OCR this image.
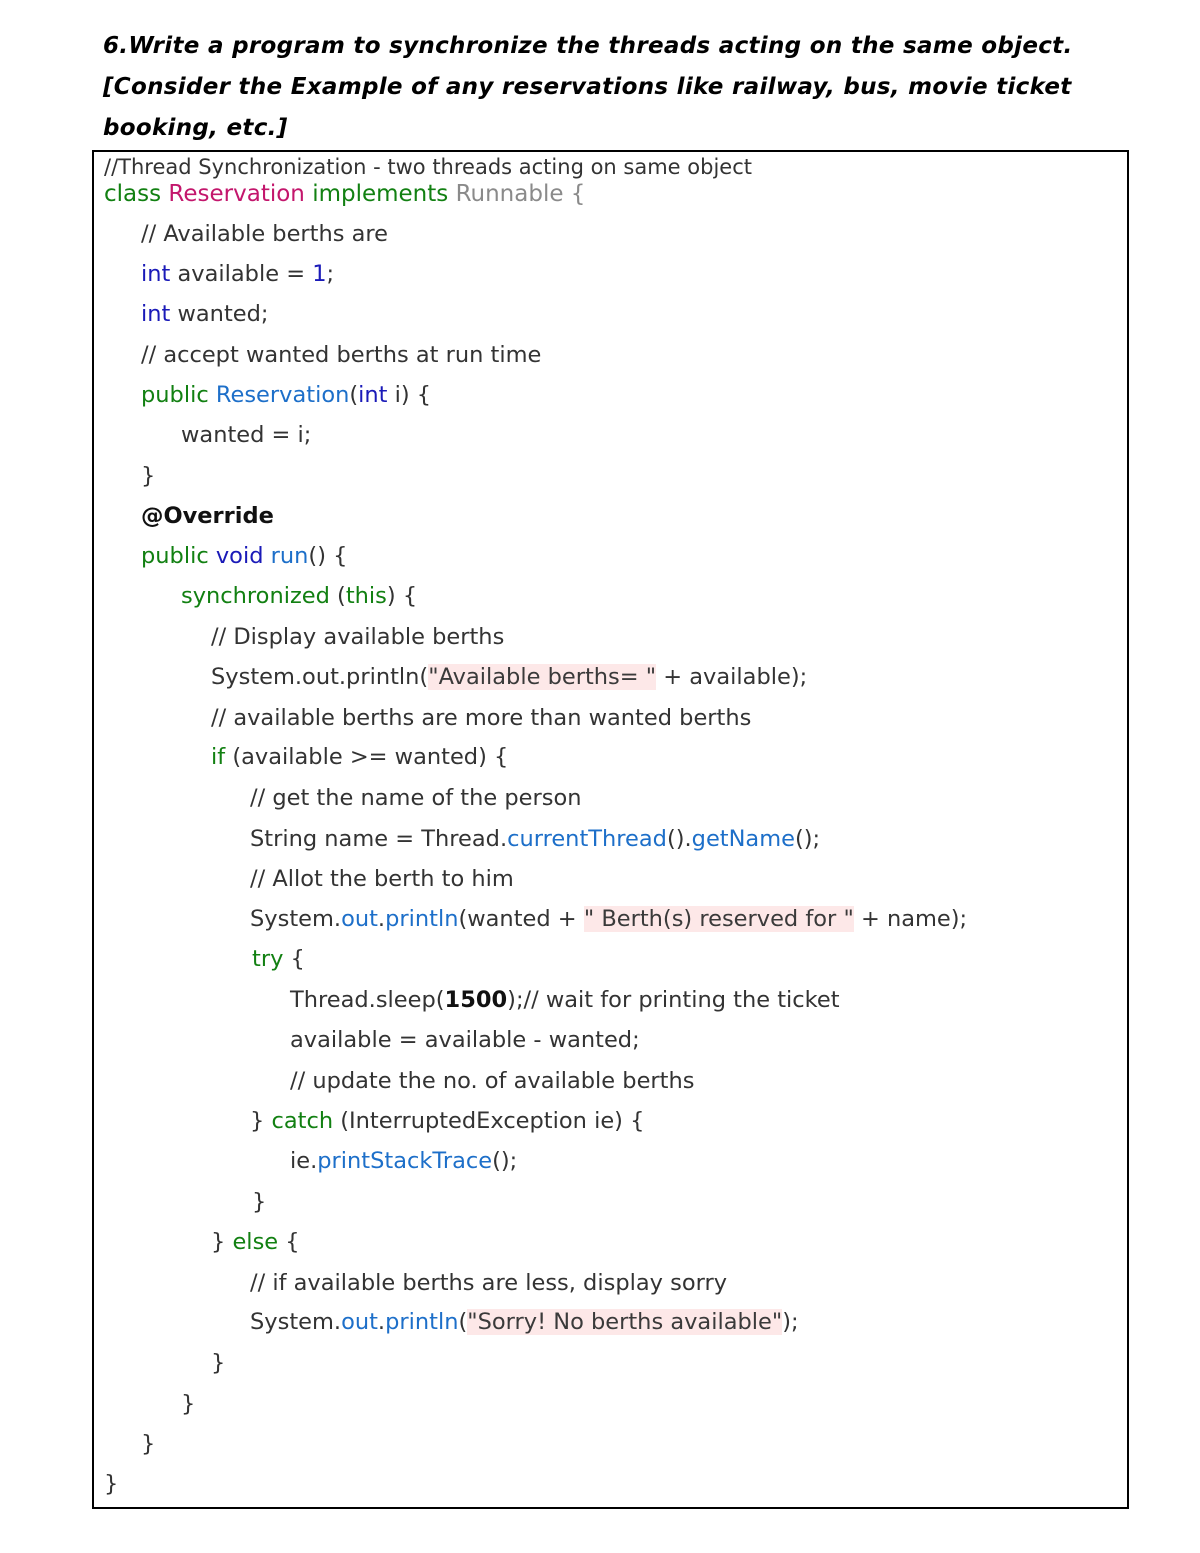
6.Write a program to synchronize the threads acting on the same object.
[Consider the Example of any reservations like railway, bus, movie ticket
booking, etc.]
//Thread Synchronization - two threads acting on same object
class Reservation implements Runnable {
// Available berths are
int available = 1;
int wanted;
// accept wanted berths at run time
public Reservation(int i) {
wanted = i;
}
@Override
public void run() {
synchronized (this) {
// Display available berths
System.out.println("Available berths= " + available);
// available berths are more than wanted berths
if (available >= wanted) {
// get the name of the person
String name = Thread.currentThread().getName();
// Allot the berth to him
System.out.println(wanted + " Berth(s) reserved for " + name);
try {
Thread.sleep(1500);// wait for printing the ticket
available = available - wanted;
// update the no. of available berths
} catch (InterruptedException ie) {
ie.printStackTrace();
}
} else {
// if available berths are less, display sorry
System.out.println("Sorry! No berths available");
}
}
}
}
